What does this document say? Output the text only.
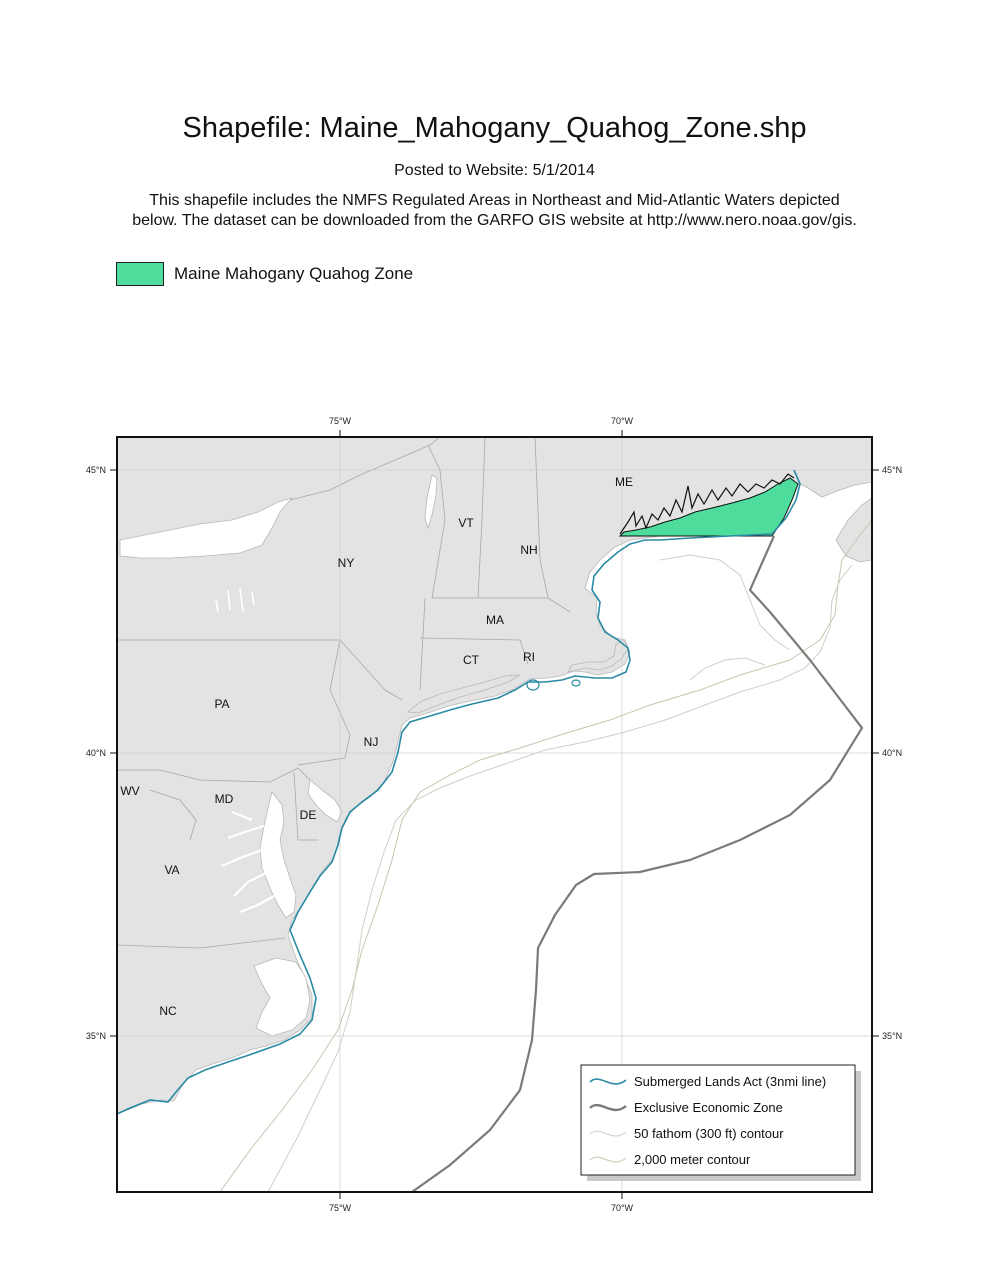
Shapefile: Maine_Mahogany_Quahog_Zone.shp
Posted to Website: 5/1/2014
This shapefile includes the NMFS Regulated Areas in Northeast and Mid-Atlantic Waters depicted
below. The dataset can be downloaded from the GARFO GIS website at http://www.nero.noaa.gov/gis.
Maine Mahogany Quahog Zone
75°W	70°W
75°W	70°W
45°N
40°N
35°N
45°N
40°N
35°N
ME
VT
NH
NY
MA
CT	RI
PA
NJ
WV
MD
DE
VA
NC
Submerged Lands Act (3nmi line)
Exclusive Economic Zone
50 fathom (300 ft) contour
2,000 meter contour
